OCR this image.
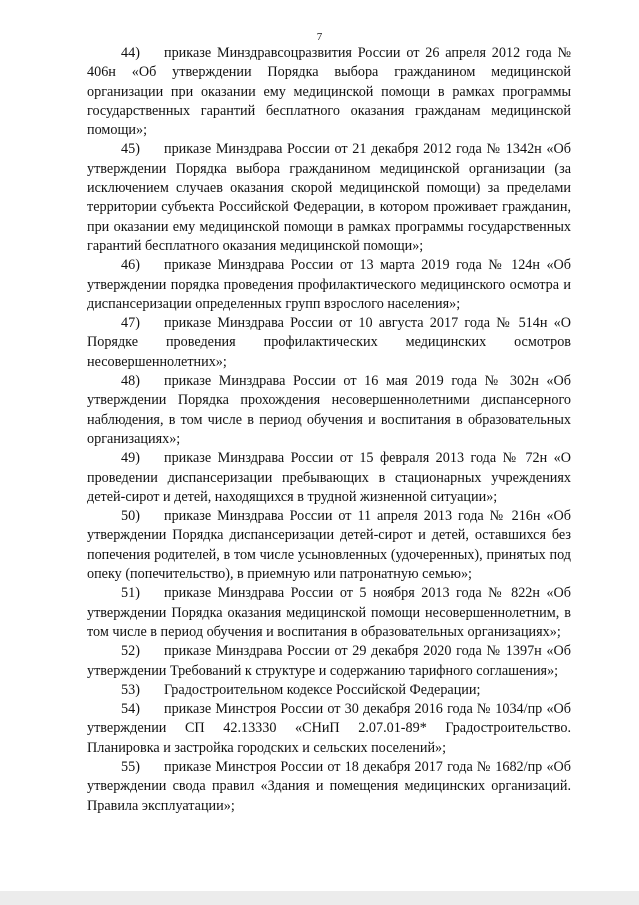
7

44) приказе Минздравсоцразвития России от 26 апреля 2012 года № 406н «Об утверждении Порядка выбора гражданином медицинской организации при оказании ему медицинской помощи в рамках программы государственных гарантий бесплатного оказания гражданам медицинской помощи»;

45) приказе Минздрава России от 21 декабря 2012 года № 1342н «Об утверждении Порядка выбора гражданином медицинской организации (за исключением случаев оказания скорой медицинской помощи) за пределами территории субъекта Российской Федерации, в котором проживает гражданин, при оказании ему медицинской помощи в рамках программы государственных гарантий бесплатного оказания медицинской помощи»;

46) приказе Минздрава России от 13 марта 2019 года № 124н «Об утверждении порядка проведения профилактического медицинского осмотра и диспансеризации определенных групп взрослого населения»;

47) приказе Минздрава России от 10 августа 2017 года № 514н «О Порядке проведения профилактических медицинских осмотров несовершеннолетних»;

48) приказе Минздрава России от 16 мая 2019 года № 302н «Об утверждении Порядка прохождения несовершеннолетними диспансерного наблюдения, в том числе в период обучения и воспитания в образовательных организациях»;

49) приказе Минздрава России от 15 февраля 2013 года № 72н «О проведении диспансеризации пребывающих в стационарных учреждениях детей-сирот и детей, находящихся в трудной жизненной ситуации»;

50) приказе Минздрава России от 11 апреля 2013 года № 216н «Об утверждении Порядка диспансеризации детей-сирот и детей, оставшихся без попечения родителей, в том числе усыновленных (удочеренных), принятых под опеку (попечительство), в приемную или патронатную семью»;

51) приказе Минздрава России от 5 ноября 2013 года № 822н «Об утверждении Порядка оказания медицинской помощи несовершеннолетним, в том числе в период обучения и воспитания в образовательных организациях»;

52) приказе Минздрава России от 29 декабря 2020 года № 1397н «Об утверждении Требований к структуре и содержанию тарифного соглашения»;

53) Градостроительном кодексе Российской Федерации;

54) приказе Минстроя России от 30 декабря 2016 года № 1034/пр «Об утверждении СП 42.13330 «СНиП 2.07.01-89* Градостроительство. Планировка и застройка городских и сельских поселений»;

55) приказе Минстроя России от 18 декабря 2017 года № 1682/пр «Об утверждении свода правил «Здания и помещения медицинских организаций. Правила эксплуатации»;
